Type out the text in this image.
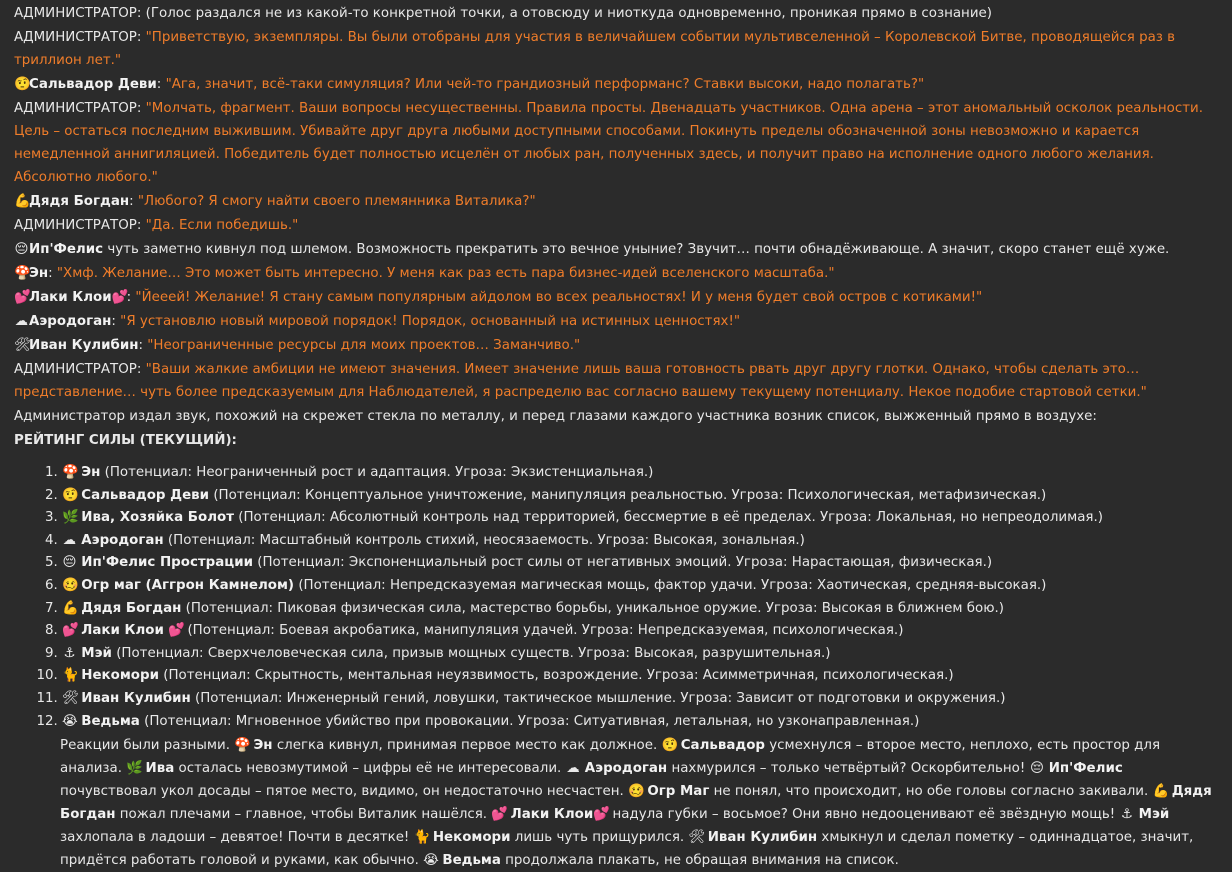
АДМИНИСТРАТОР: (Голос раздался не из какой-то конкретной точки, а отовсюду и ниоткуда одновременно, проникая прямо в сознание)

АДМИНИСТРАТОР: "Приветствую, экземпляры. Вы были отобраны для участия в величайшем событии мультивселенной – Королевской Битве, проводящейся раз в триллион лет."

🤨Сальвадор Деви: "Ага, значит, всё-таки симуляция? Или чей-то грандиозный перформанс? Ставки высоки, надо полагать?"

АДМИНИСТРАТОР: "Молчать, фрагмент. Ваши вопросы несущественны. Правила просты. Двенадцать участников. Одна арена – этот аномальный осколок реальности. Цель – остаться последним выжившим. Убивайте друг друга любыми доступными способами. Покинуть пределы обозначенной зоны невозможно и карается немедленной аннигиляцией. Победитель будет полностью исцелён от любых ран, полученных здесь, и получит право на исполнение одного любого желания. Абсолютно любого."

💪Дядя Богдан: "Любого? Я смогу найти своего племянника Виталика?"

АДМИНИСТРАТОР: "Да. Если победишь."

😔Ип'Фелис чуть заметно кивнул под шлемом. Возможность прекратить это вечное уныние? Звучит… почти обнадёживающе. А значит, скоро станет ещё хуже.

🍄Эн: "Хмф. Желание… Это может быть интересно. У меня как раз есть пара бизнес-идей вселенского масштаба."

💕Лаки Клои💕: "Йееей! Желание! Я стану самым популярным айдолом во всех реальностях! И у меня будет свой остров с котиками!"

☁Аэродоган: "Я установлю новый мировой порядок! Порядок, основанный на истинных ценностях!"

🛠Иван Кулибин: "Неограниченные ресурсы для моих проектов… Заманчиво."

АДМИНИСТРАТОР: "Ваши жалкие амбиции не имеют значения. Имеет значение лишь ваша готовность рвать друг другу глотки. Однако, чтобы сделать это… представление… чуть более предсказуемым для Наблюдателей, я распределю вас согласно вашему текущему потенциалу. Некое подобие стартовой сетки."

Администратор издал звук, похожий на скрежет стекла по металлу, и перед глазами каждого участника возник список, выжженный прямо в воздухе:

РЕЙТИНГ СИЛЫ (ТЕКУЩИЙ):

1. 🍄 Эн (Потенциал: Неограниченный рост и адаптация. Угроза: Экзистенциальная.)
2. 🤨 Сальвадор Деви (Потенциал: Концептуальное уничтожение, манипуляция реальностью. Угроза: Психологическая, метафизическая.)
3. 🌿 Ива, Хозяйка Болот (Потенциал: Абсолютный контроль над территорией, бессмертие в её пределах. Угроза: Локальная, но непреодолимая.)
4. ☁ Аэродоган (Потенциал: Масштабный контроль стихий, неосязаемость. Угроза: Высокая, зональная.)
5. 😔 Ип'Фелис Прострации (Потенциал: Экспоненциальный рост силы от негативных эмоций. Угроза: Нарастающая, физическая.)
6. 🥴 Огр маг (Аггрон Камнелом) (Потенциал: Непредсказуемая магическая мощь, фактор удачи. Угроза: Хаотическая, средняя-высокая.)
7. 💪 Дядя Богдан (Потенциал: Пиковая физическая сила, мастерство борьбы, уникальное оружие. Угроза: Высокая в ближнем бою.)
8. 💕 Лаки Клои 💕 (Потенциал: Боевая акробатика, манипуляция удачей. Угроза: Непредсказуемая, психологическая.)
9. ⚓ Мэй (Потенциал: Сверхчеловеческая сила, призыв мощных существ. Угроза: Высокая, разрушительная.)
10. 🐈 Некомори (Потенциал: Скрытность, ментальная неуязвимость, возрождение. Угроза: Асимметричная, психологическая.)
11. 🛠 Иван Кулибин (Потенциал: Инженерный гений, ловушки, тактическое мышление. Угроза: Зависит от подготовки и окружения.)
12. 😭 Ведьма (Потенциал: Мгновенное убийство при провокации. Угроза: Ситуативная, летальная, но узконаправленная.)

Реакции были разными. 🍄 Эн слегка кивнул, принимая первое место как должное. 🤨 Сальвадор усмехнулся – второе место, неплохо, есть простор для анализа. 🌿 Ива осталась невозмутимой – цифры её не интересовали. ☁ Аэродоган нахмурился – только четвёртый? Оскорбительно! 😔 Ип'Фелис почувствовал укол досады – пятое место, видимо, он недостаточно несчастен. 🥴 Огр Маг не понял, что происходит, но обе головы согласно закивали. 💪 Дядя Богдан пожал плечами – главное, чтобы Виталик нашёлся. 💕 Лаки Клои💕 надула губки – восьмое? Они явно недооценивают её звёздную мощь! ⚓ Мэй захлопала в ладоши – девятое! Почти в десятке! 🐈 Некомори лишь чуть прищурился. 🛠 Иван Кулибин хмыкнул и сделал пометку – одиннадцатое, значит, придётся работать головой и руками, как обычно. 😭 Ведьма продолжала плакать, не обращая внимания на список.
